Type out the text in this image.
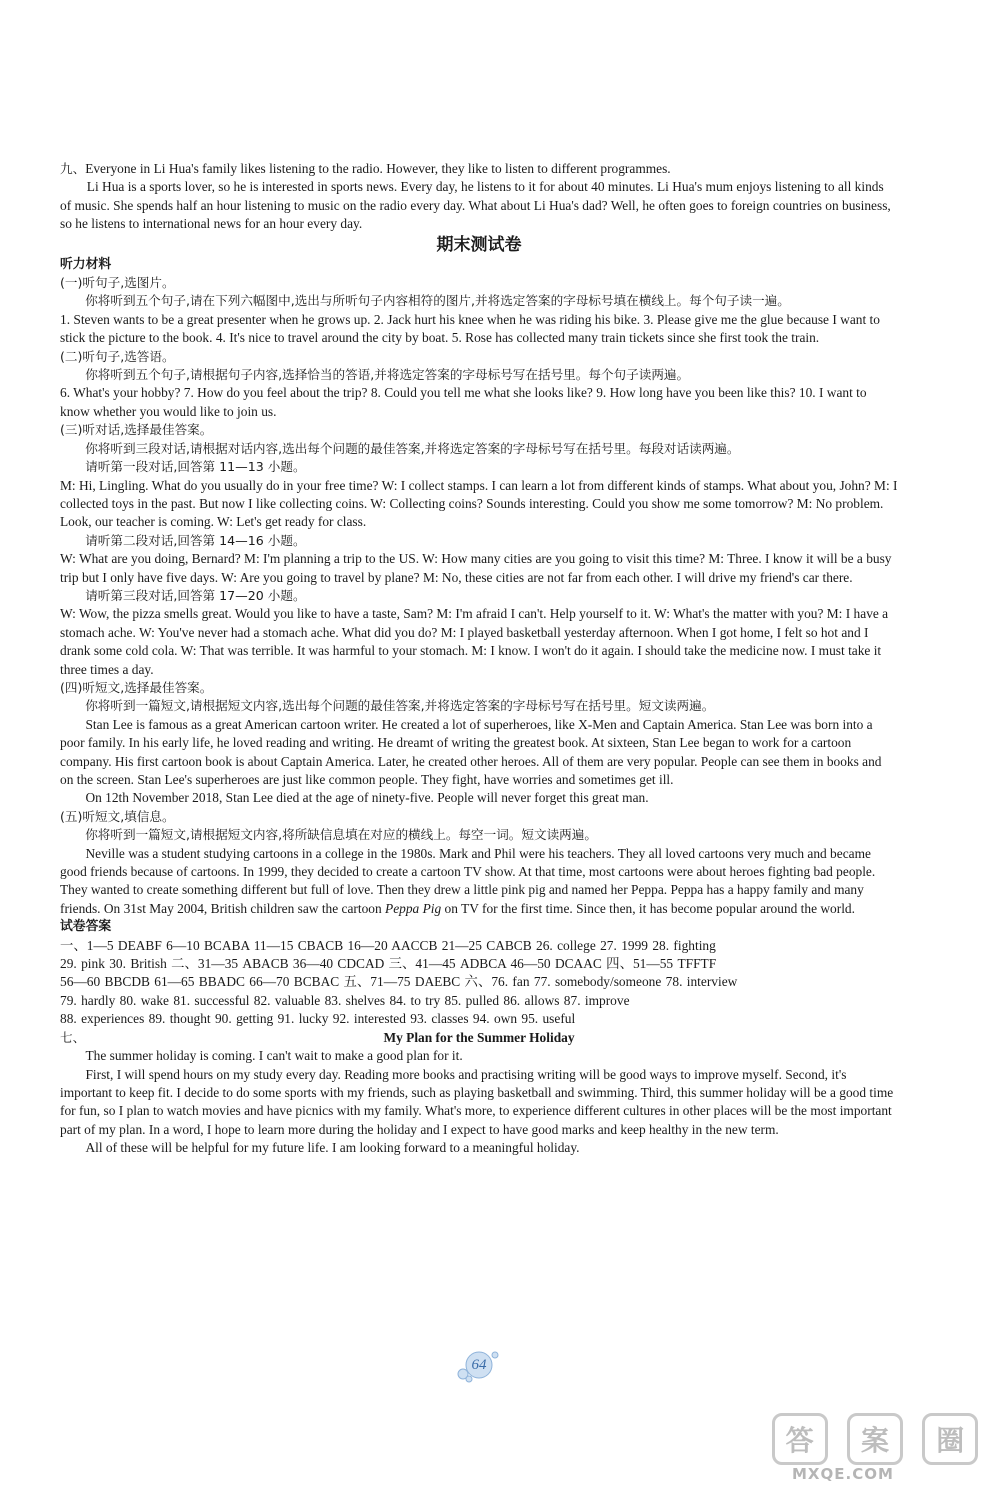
九、Everyone in Li Hua's family likes listening to the radio. However, they like to listen to different programmes.

Li Hua is a sports lover, so he is interested in sports news. Every day, he listens to it for about 40 minutes. Li Hua's mum enjoys listening to all kinds of music. She spends half an hour listening to music on the radio every day. What about Li Hua's dad? Well, he often goes to foreign countries on business, so he listens to international news for an hour every day.

期末测试卷

听力材料

(一)听句子,选图片。

你将听到五个句子,请在下列六幅图中,选出与所听句子内容相符的图片,并将选定答案的字母标号填在横线上。每个句子读一遍。

1. Steven wants to be a great presenter when he grows up. 2. Jack hurt his knee when he was riding his bike. 3. Please give me the glue because I want to stick the picture to the book. 4. It's nice to travel around the city by boat. 5. Rose has collected many train tickets since she first took the train.

(二)听句子,选答语。

你将听到五个句子,请根据句子内容,选择恰当的答语,并将选定答案的字母标号写在括号里。每个句子读两遍。

6. What's your hobby? 7. How do you feel about the trip? 8. Could you tell me what she looks like? 9. How long have you been like this? 10. I want to know whether you would like to join us.

(三)听对话,选择最佳答案。

你将听到三段对话,请根据对话内容,选出每个问题的最佳答案,并将选定答案的字母标号写在括号里。每段对话读两遍。

请听第一段对话,回答第 11—13 小题。

M: Hi, Lingling. What do you usually do in your free time? W: I collect stamps. I can learn a lot from different kinds of stamps. What about you, John? M: I collected toys in the past. But now I like collecting coins. W: Collecting coins? Sounds interesting. Could you show me some tomorrow? M: No problem. Look, our teacher is coming. W: Let's get ready for class.

请听第二段对话,回答第 14—16 小题。

W: What are you doing, Bernard? M: I'm planning a trip to the US. W: How many cities are you going to visit this time? M: Three. I know it will be a busy trip but I only have five days. W: Are you going to travel by plane? M: No, these cities are not far from each other. I will drive my friend's car there.

请听第三段对话,回答第 17—20 小题。

W: Wow, the pizza smells great. Would you like to have a taste, Sam? M: I'm afraid I can't. Help yourself to it. W: What's the matter with you? M: I have a stomach ache. W: You've never had a stomach ache. What did you do? M: I played basketball yesterday afternoon. When I got home, I felt so hot and I drank some cold cola. W: That was terrible. It was harmful to your stomach. M: I know. I won't do it again. I should take the medicine now. I must take it three times a day.

(四)听短文,选择最佳答案。

你将听到一篇短文,请根据短文内容,选出每个问题的最佳答案,并将选定答案的字母标号写在括号里。短文读两遍。

Stan Lee is famous as a great American cartoon writer. He created a lot of superheroes, like X-Men and Captain America. Stan Lee was born into a poor family. In his early life, he loved reading and writing. He dreamt of writing the greatest book. At sixteen, Stan Lee began to work for a cartoon company. His first cartoon book is about Captain America. Later, he created other heroes. All of them are very popular. People can see them in books and on the screen. Stan Lee's superheroes are just like common people. They fight, have worries and sometimes get ill.

On 12th November 2018, Stan Lee died at the age of ninety-five. People will never forget this great man.

(五)听短文,填信息。

你将听到一篇短文,请根据短文内容,将所缺信息填在对应的横线上。每空一词。短文读两遍。

Neville was a student studying cartoons in a college in the 1980s. Mark and Phil were his teachers. They all loved cartoons very much and became good friends because of cartoons. In 1999, they decided to create a cartoon TV show. At that time, most cartoons were about heroes fighting bad people. They wanted to create something different but full of love. Then they drew a little pink pig and named her Peppa. Peppa has a happy family and many friends. On 31st May 2004, British children saw the cartoon Peppa Pig on TV for the first time. Since then, it has become popular around the world.

试卷答案

一、1—5 DEABF 6—10 BCABA 11—15 CBACB 16—20 AACCB 21—25 CABCB 26. college 27. 1999 28. fighting

29. pink 30. British 二、31—35 ABACB 36—40 CDCAD 三、41—45 ADBCA 46—50 DCAAC 四、51—55 TFFTF

56—60 BBCDB 61—65 BBADC 66—70 BCBAC 五、71—75 DAEBC 六、76. fan 77. somebody/someone 78. interview

79. hardly 80. wake 81. successful 82. valuable 83. shelves 84. to try 85. pulled 86. allows 87. improve

88. experiences 89. thought 90. getting 91. lucky 92. interested 93. classes 94. own 95. useful

七、	My Plan for the Summer Holiday

The summer holiday is coming. I can't wait to make a good plan for it.

First, I will spend hours on my study every day. Reading more books and practising writing will be good ways to improve myself. Second, it's important to keep fit. I decide to do some sports with my friends, such as playing basketball and swimming. Third, this summer holiday will be a good time for fun, so I plan to watch movies and have picnics with my family. What's more, to experience different cultures in other places will be the most important part of my plan. In a word, I hope to learn more during the holiday and I expect to have good marks and keep healthy in the new term.

All of these will be helpful for my future life. I am looking forward to a meaningful holiday.

64
答	案	圈
MXQE.COM
